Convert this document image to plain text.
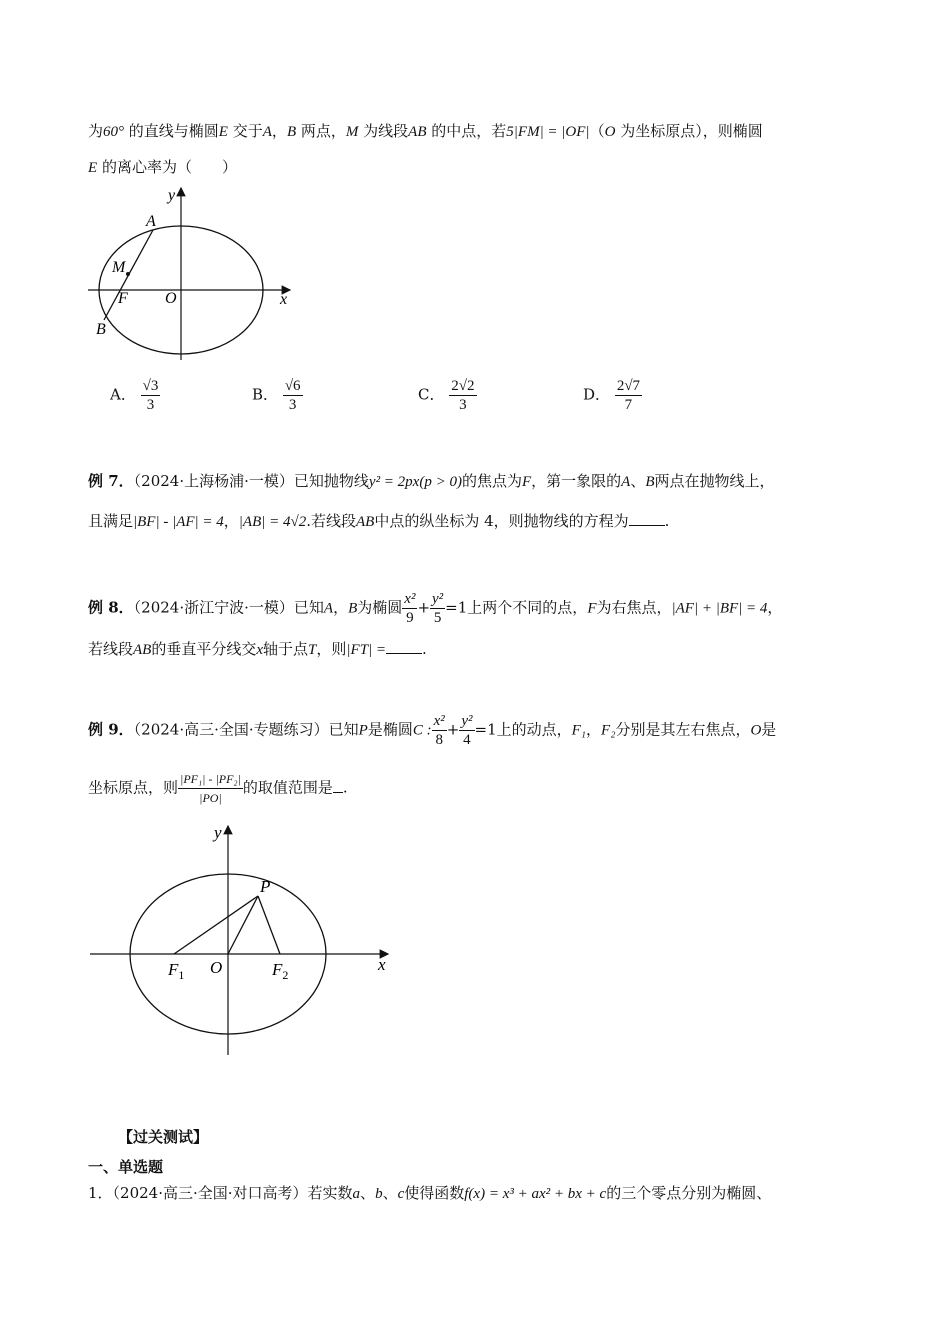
为60° 的直线与椭圆E 交于A，B 两点，M 为线段AB 的中点，若5|FM| = |OF|（O 为坐标原点），则椭圆
E 的离心率为（　　）
y
x
A
M
F O
B
A． $\frac{√3}{3}$	B． $\frac{√6}{3}$	C． $\frac{2√2}{3}$	D． $\frac{2√7}{7}$
例 7．（2024·上海杨浦·一模）已知抛物线y² = 2px(p > 0)的焦点为F，第一象限的A、B两点在抛物线上，
且满足|BF| - |AF| = 4，|AB| = 4√2.若线段AB中点的纵坐标为 4，则抛物线的方程为 .
例 8．（2024·浙江宁波·一模）已知A，B为椭圆 $\frac{\text{x²}}{9} + \frac{\text{y²}}{5} =1$上两个不同的点，F为右焦点，|AF| + |BF| = 4，
若线段AB的垂直平分线交x轴于点T，则|FT| = .
例 9．（2024·高三·全国·专题练习）已知P是椭圆C : $\frac{\text{x²}}{8} + \frac{\text{y²}}{4} =1$上的动点，F₁，F₂分别是其左右焦点，O是
坐标原点，则 $\frac{\text{|PF₁| - |PF₂|}}{|PO|}$ 的取值范围是 .
y
x
P
O
$F_1$	$F_2$
【过关测试】
一、单选题
1．（2024·高三·全国·对口高考）若实数a、b、c使得函数f(x) = x³ + ax² + bx + c的三个零点分别为椭圆、
